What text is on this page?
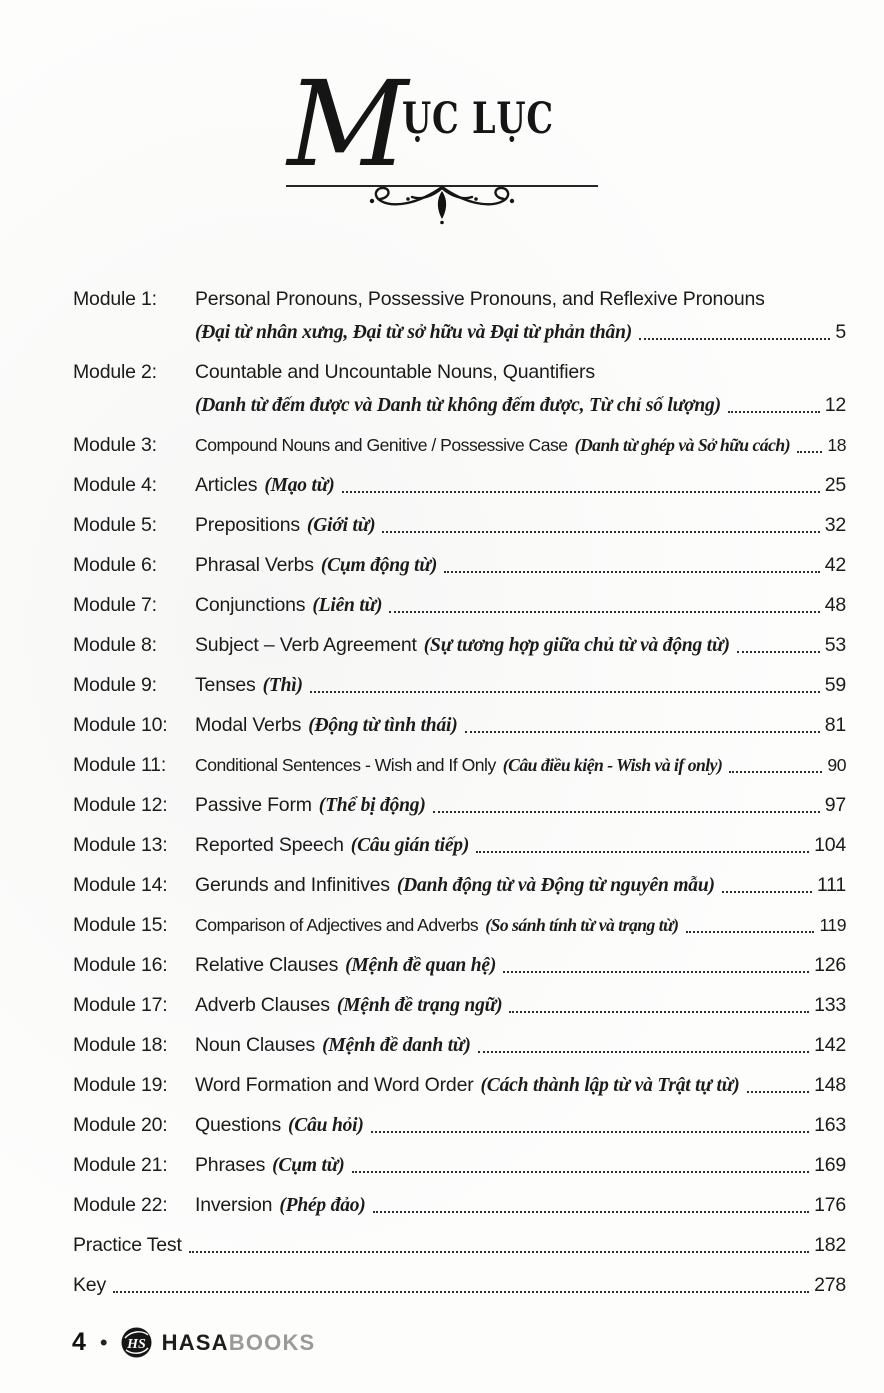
M
ỤC LỤC
Module 1:	Personal Pronouns, Possessive Pronouns, and Reflexive Pronouns
(Đại từ nhân xưng, Đại từ sở hữu và Đại từ phản thân)	5
Module 2:	Countable and Uncountable Nouns, Quantifiers
(Danh từ đếm được và Danh từ không đếm được, Từ chỉ số lượng)	12
Module 3:	Compound Nouns and Genitive / Possessive Case (Danh từ ghép và Sở hữu cách) 18
Module 4:	Articles (Mạo từ)	25
Module 5:	Prepositions (Giới từ)	32
Module 6:	Phrasal Verbs (Cụm động từ)	42
Module 7:	Conjunctions (Liên từ)	48
Module 8:	Subject – Verb Agreement (Sự tương hợp giữa chủ từ và động từ)	53
Module 9:	Tenses (Thì)	59
Module 10:	Modal Verbs (Động từ tình thái)	81
Module 11:	Conditional Sentences - Wish and If Only (Câu điều kiện - Wish và if only)	90
Module 12:	Passive Form (Thể bị động)	97
Module 13:	Reported Speech (Câu gián tiếp)	104
Module 14:	Gerunds and Infinitives (Danh động từ và Động từ nguyên mẫu)	111
Module 15:	Comparison of Adjectives and Adverbs (So sánh tính từ và trạng từ)	119
Module 16:	Relative Clauses (Mệnh đề quan hệ)	126
Module 17:	Adverb Clauses (Mệnh đề trạng ngữ)	133
Module 18:	Noun Clauses (Mệnh đề danh từ)	142
Module 19:	Word Formation and Word Order (Cách thành lập từ và Trật tự từ)	148
Module 20:	Questions (Câu hỏi)	163
Module 21:	Phrases (Cụm từ)	169
Module 22:	Inversion (Phép đảo)	176
Practice Test	182
Key	278
4 • HS HASABOOKS
